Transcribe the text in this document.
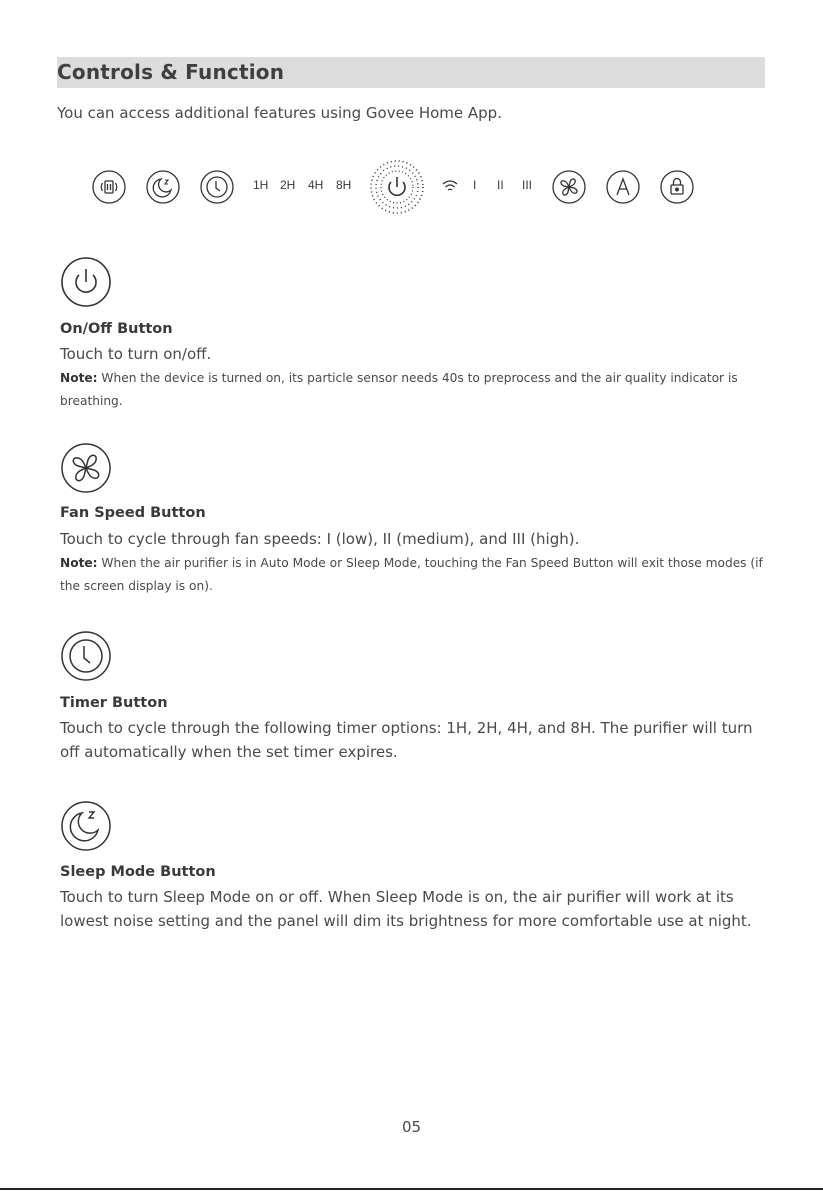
Controls & Function

You can access additional features using Govee Home App.

1H 2H 4H 8H	I II III
On/Off Button

Touch to turn on/off.

Note: When the device is turned on, its particle sensor needs 40s to preprocess and the air quality indicator is breathing.

Fan Speed Button

Touch to cycle through fan speeds: I (low), II (medium), and III (high).

Note: When the air purifier is in Auto Mode or Sleep Mode, touching the Fan Speed Button will exit those modes (if the screen display is on).

Timer Button

Touch to cycle through the following timer options: 1H, 2H, 4H, and 8H. The purifier will turn off automatically when the set timer expires.

Sleep Mode Button

Touch to turn Sleep Mode on or off. When Sleep Mode is on, the air purifier will work at its lowest noise setting and the panel will dim its brightness for more comfortable use at night.

05
